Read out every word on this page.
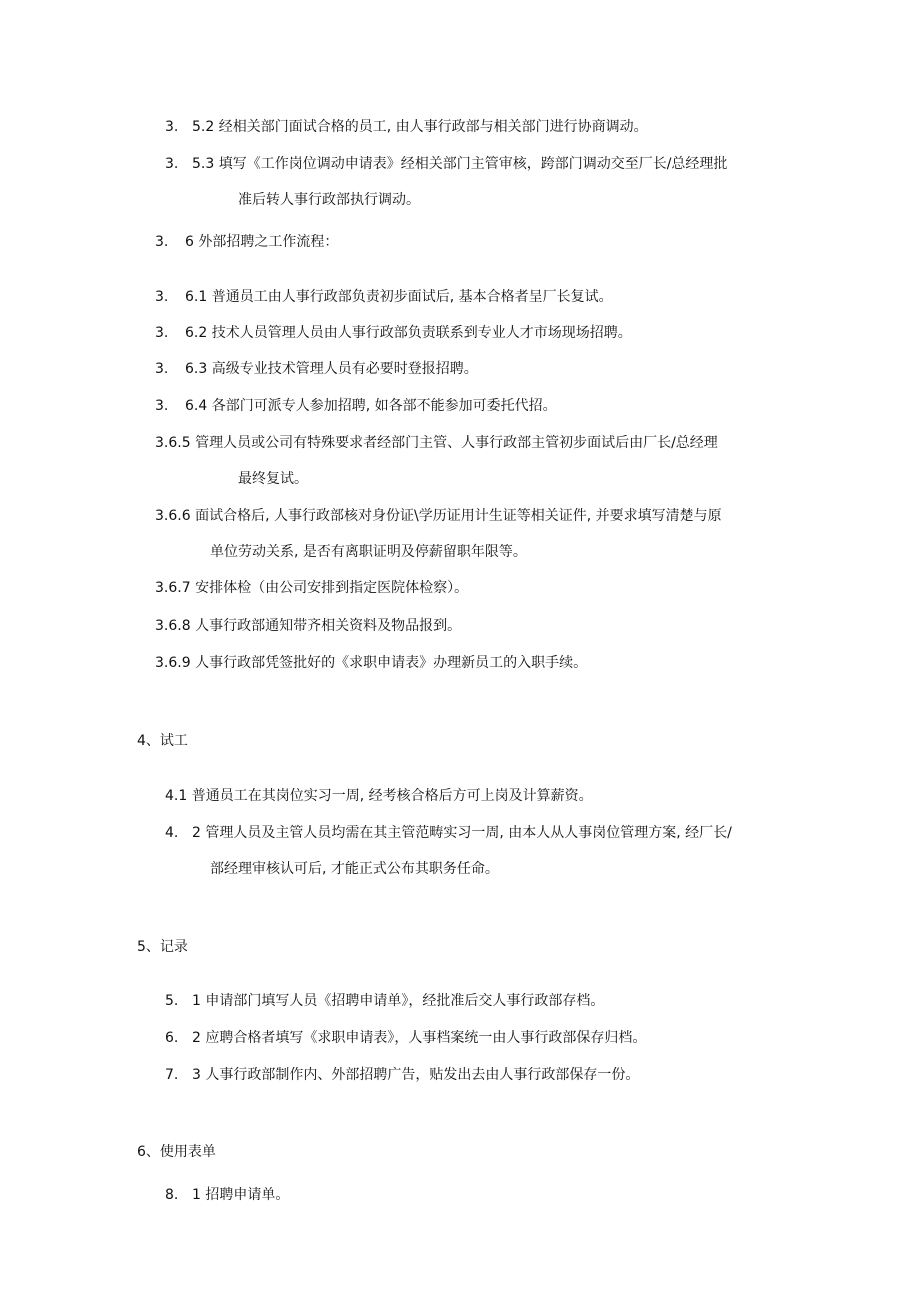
3. 5.2 经相关部门面试合格的员工, 由人事行政部与相关部门进行协商调动。
3. 5.3 填写《工作岗位调动申请表》经相关部门主管审核，跨部门调动交至厂长/总经理批
准后转人事行政部执行调动。
3. 6 外部招聘之工作流程：
3. 6.1 普通员工由人事行政部负责初步面试后, 基本合格者呈厂长复试。
3. 6.2 技术人员管理人员由人事行政部负责联系到专业人才市场现场招聘。
3. 6.3 高级专业技术管理人员有必要时登报招聘。
3. 6.4 各部门可派专人参加招聘, 如各部不能参加可委托代招。
3.6.5 管理人员或公司有特殊要求者经部门主管、人事行政部主管初步面试后由厂长/总经理
最终复试。
3.6.6 面试合格后, 人事行政部核对身份证\学历证用计生证等相关证件, 并要求填写清楚与原
单位劳动关系, 是否有离职证明及停薪留职年限等。
3.6.7 安排体检（由公司安排到指定医院体检察）。
3.6.8 人事行政部通知带齐相关资料及物品报到。
3.6.9 人事行政部凭签批好的《求职申请表》办理新员工的入职手续。
4、试工
4.1 普通员工在其岗位实习一周, 经考核合格后方可上岗及计算薪资。
4. 2 管理人员及主管人员均需在其主管范畴实习一周, 由本人从人事岗位管理方案, 经厂长/
部经理审核认可后, 才能正式公布其职务任命。
5、记录
5. 1 申请部门填写人员《招聘申请单》，经批准后交人事行政部存档。
6. 2 应聘合格者填写《求职申请表》，人事档案统一由人事行政部保存归档。
7. 3 人事行政部制作内、外部招聘广告，贴发出去由人事行政部保存一份。
6、使用表单
8. 1 招聘申请单。
